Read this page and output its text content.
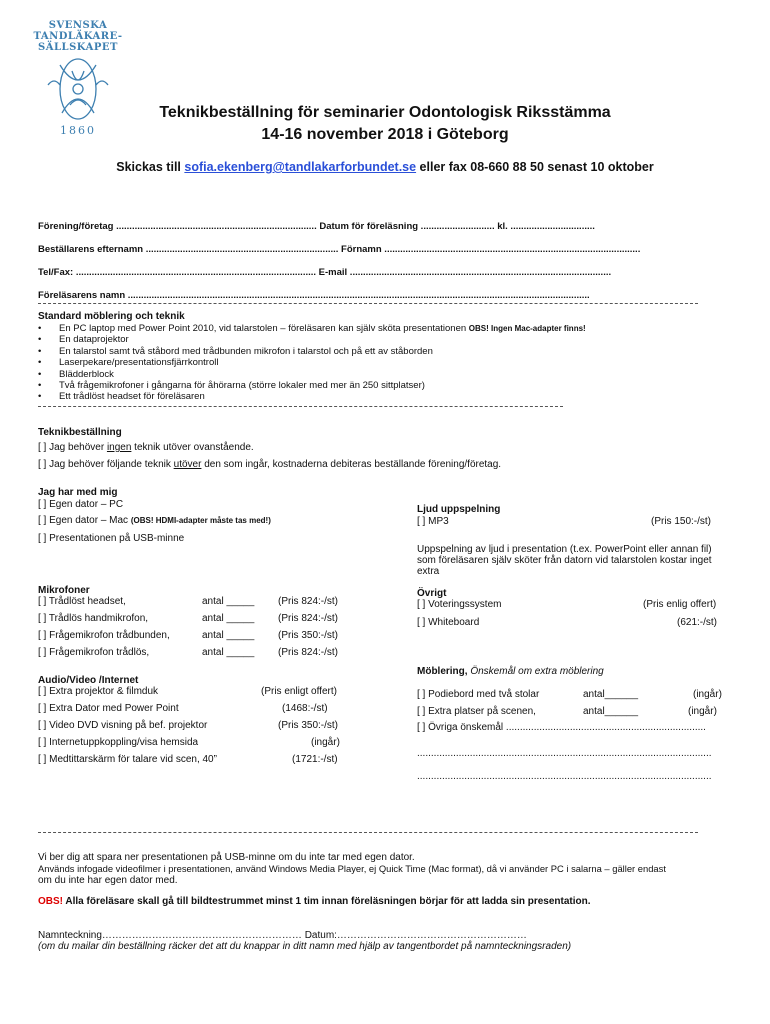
SVENSKA
TANDLÄKARE-
SÄLLSKAPET
1860
Teknikbeställning för seminarier Odontologisk Riksstämma
14-16 november 2018 i Göteborg
Skickas till sofia.ekenberg@tandlakarforbundet.se eller fax 08-660 88 50 senast 10 oktober
Förening/företag ............................................................................ Datum för föreläsning ............................ kl. ................................
Beställarens efternamn ......................................................................... Förnamn .................................................................................................
Tel/Fax: ........................................................................................... E-mail ...................................................................................................
Föreläsarens namn ...............................................................................................................................................................................
Standard möblering och teknik
• En PC laptop med Power Point 2010, vid talarstolen – föreläsaren kan själv sköta presentationen OBS! Ingen Mac-adapter finns!
• En dataprojektor
• En talarstol samt två ståbord med trådbunden mikrofon i talarstol och på ett av ståborden
• Laserpekare/presentationsfjärrkontroll
• Blädderblock
• Två frågemikrofoner i gångarna för åhörarna (större lokaler med mer än 250 sittplatser)
• Ett trådlöst headset för föreläsaren
Teknikbeställning
[ ] Jag behöver ingen teknik utöver ovanstående.
[ ] Jag behöver följande teknik utöver den som ingår, kostnaderna debiteras beställande förening/företag.
Jag har med mig
[ ] Egen dator – PC
[ ] Egen dator – Mac (OBS! HDMI-adapter måste tas med!)
[ ] Presentationen på USB-minne
Ljud uppspelning
[ ] MP3	(Pris 150:-/st)
Uppspelning av ljud i presentation (t.ex. PowerPoint eller annan fil)
som föreläsaren själv sköter från datorn vid talarstolen kostar inget
extra
Mikrofoner
[ ] Trådlöst headset,	antal _____ (Pris 824:-/st)
[ ] Trådlös handmikrofon,	antal _____ (Pris 824:-/st)
[ ] Frågemikrofon trådbunden,	antal _____ (Pris 350:-/st)
[ ] Frågemikrofon trådlös,	antal _____ (Pris 824:-/st)
Övrigt
[ ] Voteringssystem	(Pris enlig offert)
[ ] Whiteboard	(621:-/st)
Audio/Video /Internet
[ ] Extra projektor & filmduk	(Pris enligt offert)
[ ] Extra Dator med Power Point	(1468:-/st)
[ ] Video DVD visning på bef. projektor	(Pris 350:-/st)
[ ] Internetuppkoppling/visa hemsida	(ingår)
[ ] Medtittarskärm för talare vid scen, 40”	(1721:-/st)
Möblering, Önskemål om extra möblering
[ ] Podiebord med två stolar	antal______	(ingår)
[ ] Extra platser på scenen,	antal______	(ingår)
[ ] Övriga önskemål ........................................................................
..........................................................................................................
..........................................................................................................
Vi ber dig att spara ner presentationen på USB-minne om du inte tar med egen dator.
Används infogade videofilmer i presentationen, använd Windows Media Player, ej Quick Time (Mac format), då vi använder PC i salarna – gäller endast
om du inte har egen dator med.
OBS! Alla föreläsare skall gå till bildtestrummet minst 1 tim innan föreläsningen börjar för att ladda sin presentation.
Namnteckning…………………………………………………… Datum:…………………………………………………
(om du mailar din beställning räcker det att du knappar in ditt namn med hjälp av tangentbordet på namnteckningsraden)
